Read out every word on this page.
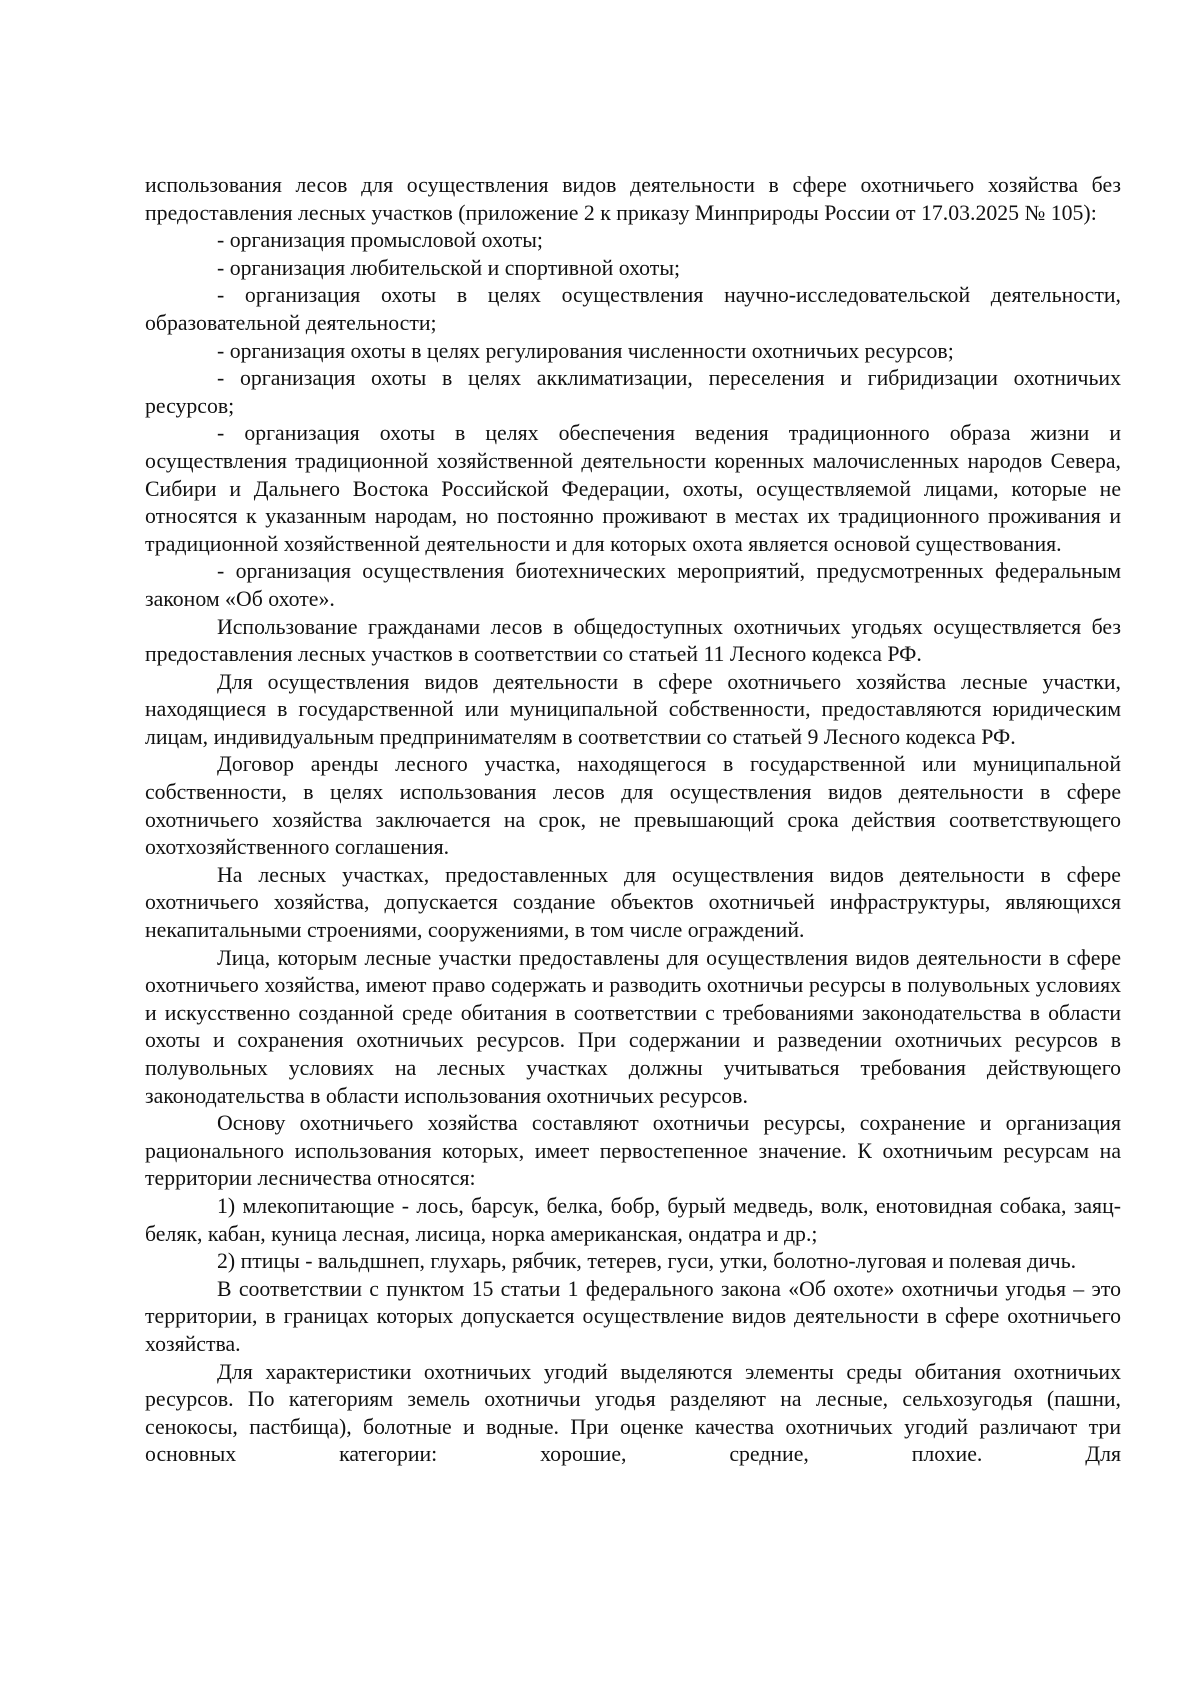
использования лесов для осуществления видов деятельности в сфере охотничьего хозяйства без предоставления лесных участков (приложение 2 к приказу Минприроды России от 17.03.2025 № 105):

- организация промысловой охоты;

- организация любительской и спортивной охоты;

- организация охоты в целях осуществления научно-исследовательской деятельности, образовательной деятельности;

- организация охоты в целях регулирования численности охотничьих ресурсов;

- организация охоты в целях акклиматизации, переселения и гибридизации охотничьих ресурсов;

- организация охоты в целях обеспечения ведения традиционного образа жизни и осуществления традиционной хозяйственной деятельности коренных малочисленных народов Севера, Сибири и Дальнего Востока Российской Федерации, охоты, осуществляемой лицами, которые не относятся к указанным народам, но постоянно проживают в местах их традиционного проживания и традиционной хозяйственной деятельности и для которых охота является основой существования.

- организация осуществления биотехнических мероприятий, предусмотренных федеральным законом «Об охоте».

Использование гражданами лесов в общедоступных охотничьих угодьях осуществляется без предоставления лесных участков в соответствии со статьей 11 Лесного кодекса РФ.

Для осуществления видов деятельности в сфере охотничьего хозяйства лесные участки, находящиеся в государственной или муниципальной собственности, предоставляются юридическим лицам, индивидуальным предпринимателям в соответствии со статьей 9 Лесного кодекса РФ.

Договор аренды лесного участка, находящегося в государственной или муниципальной собственности, в целях использования лесов для осуществления видов деятельности в сфере охотничьего хозяйства заключается на срок, не превышающий срока действия соответствующего охотхозяйственного соглашения.

На лесных участках, предоставленных для осуществления видов деятельности в сфере охотничьего хозяйства, допускается создание объектов охотничьей инфраструктуры, являющихся некапитальными строениями, сооружениями, в том числе ограждений.

Лица, которым лесные участки предоставлены для осуществления видов деятельности в сфере охотничьего хозяйства, имеют право содержать и разводить охотничьи ресурсы в полувольных условиях и искусственно созданной среде обитания в соответствии с требованиями законодательства в области охоты и сохранения охотничьих ресурсов. При содержании и разведении охотничьих ресурсов в полувольных условиях на лесных участках должны учитываться требования действующего законодательства в области использования охотничьих ресурсов.

Основу охотничьего хозяйства составляют охотничьи ресурсы, сохранение и организация рационального использования которых, имеет первостепенное значение. К охотничьим ресурсам на территории лесничества относятся:

1) млекопитающие - лось, барсук, белка, бобр, бурый медведь, волк, енотовидная собака, заяц-беляк, кабан, куница лесная, лисица, норка американская, ондатра и др.;

2) птицы - вальдшнеп, глухарь, рябчик, тетерев, гуси, утки, болотно-луговая и полевая дичь.

В соответствии с пунктом 15 статьи 1 федерального закона «Об охоте» охотничьи угодья – это территории, в границах которых допускается осуществление видов деятельности в сфере охотничьего хозяйства.

Для характеристики охотничьих угодий выделяются элементы среды обитания охотничьих ресурсов. По категориям земель охотничьи угодья разделяют на лесные, сельхозугодья (пашни, сенокосы, пастбища), болотные и водные. При оценке качества охотничьих угодий различают три основных категории: хорошие, средние, плохие. Для
